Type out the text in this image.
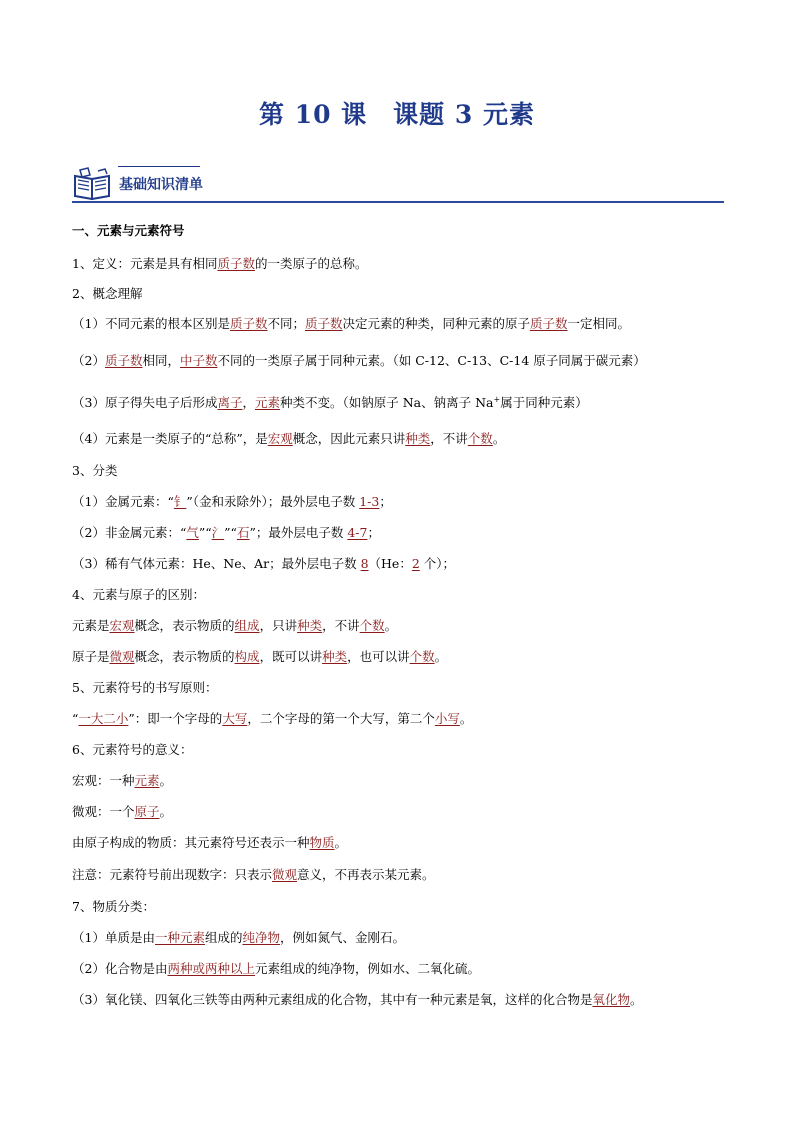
第 10 课　课题 3 元素
基础知识清单
一、元素与元素符号
1、定义：元素是具有相同质子数的一类原子的总称。
2、概念理解
（1）不同元素的根本区别是质子数不同；质子数决定元素的种类，同种元素的原子质子数一定相同。
（2）质子数相同，中子数不同的一类原子属于同种元素。（如 C-12、C-13、C-14 原子同属于碳元素）
（3）原子得失电子后形成离子，元素种类不变。（如钠原子 Na、钠离子 Na+属于同种元素）
（4）元素是一类原子的“总称”，是宏观概念，因此元素只讲种类，不讲个数。
3、分类
（1）金属元素：“钅”（金和汞除外）；最外层电子数 1-3；
（2）非金属元素：“气”“氵”“石”；最外层电子数 4-7；
（3）稀有气体元素：He、Ne、Ar；最外层电子数 8（He：2 个）；
4、元素与原子的区别：
元素是宏观概念，表示物质的组成，只讲种类，不讲个数。
原子是微观概念，表示物质的构成，既可以讲种类，也可以讲个数。
5、元素符号的书写原则：
“一大二小”：即一个字母的大写，二个字母的第一个大写，第二个小写。
6、元素符号的意义：
宏观：一种元素。
微观：一个原子。
由原子构成的物质：其元素符号还表示一种物质。
注意：元素符号前出现数字：只表示微观意义，不再表示某元素。
7、物质分类：
（1）单质是由一种元素组成的纯净物，例如氮气、金刚石。
（2）化合物是由两种或两种以上元素组成的纯净物，例如水、二氧化硫。
（3）氧化镁、四氧化三铁等由两种元素组成的化合物，其中有一种元素是氧，这样的化合物是氧化物。
